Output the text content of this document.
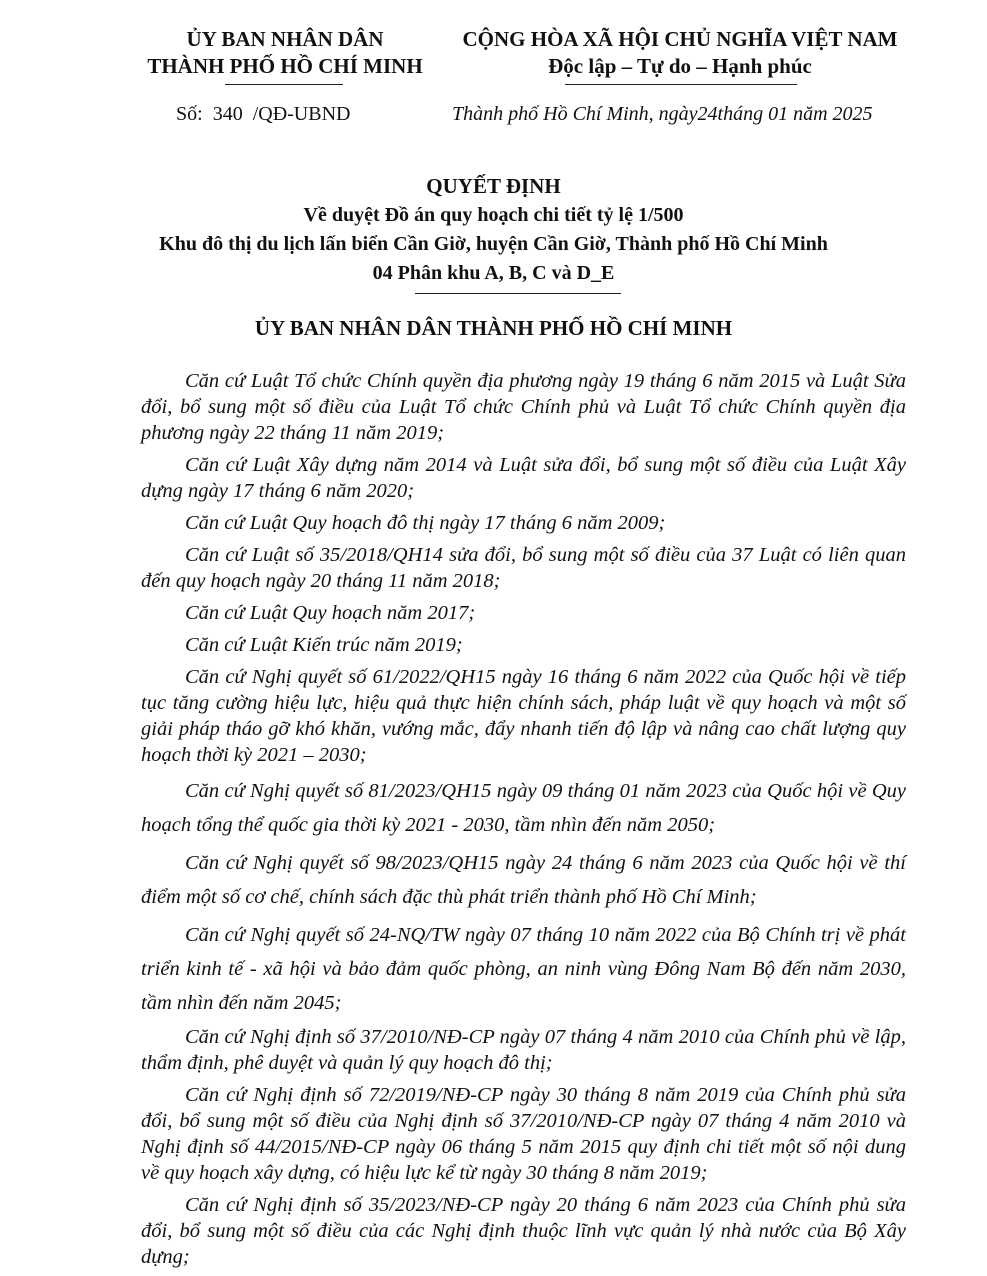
ỦY BAN NHÂN DÂN
THÀNH PHỐ HỒ CHÍ MINH
CỘNG HÒA XÃ HỘI CHỦ NGHĨA VIỆT NAM
Độc lập – Tự do – Hạnh phúc
Số: 340 /QĐ-UBND	Thành phố Hồ Chí Minh, ngày24tháng 01 năm 2025
QUYẾT ĐỊNH
Về duyệt Đồ án quy hoạch chi tiết tỷ lệ 1/500
Khu đô thị du lịch lấn biển Cần Giờ, huyện Cần Giờ, Thành phố Hồ Chí Minh
04 Phân khu A, B, C và D_E
ỦY BAN NHÂN DÂN THÀNH PHỐ HỒ CHÍ MINH

Căn cứ Luật Tổ chức Chính quyền địa phương ngày 19 tháng 6 năm 2015 và Luật Sửa đổi, bổ sung một số điều của Luật Tổ chức Chính phủ và Luật Tổ chức Chính quyền địa phương ngày 22 tháng 11 năm 2019;

Căn cứ Luật Xây dựng năm 2014 và Luật sửa đổi, bổ sung một số điều của Luật Xây dựng ngày 17 tháng 6 năm 2020;

Căn cứ Luật Quy hoạch đô thị ngày 17 tháng 6 năm 2009;

Căn cứ Luật số 35/2018/QH14 sửa đổi, bổ sung một số điều của 37 Luật có liên quan đến quy hoạch ngày 20 tháng 11 năm 2018;

Căn cứ Luật Quy hoạch năm 2017;

Căn cứ Luật Kiến trúc năm 2019;

Căn cứ Nghị quyết số 61/2022/QH15 ngày 16 tháng 6 năm 2022 của Quốc hội về tiếp tục tăng cường hiệu lực, hiệu quả thực hiện chính sách, pháp luật về quy hoạch và một số giải pháp tháo gỡ khó khăn, vướng mắc, đẩy nhanh tiến độ lập và nâng cao chất lượng quy hoạch thời kỳ 2021 – 2030;

Căn cứ Nghị quyết số 81/2023/QH15 ngày 09 tháng 01 năm 2023 của Quốc hội về Quy hoạch tổng thể quốc gia thời kỳ 2021 - 2030, tầm nhìn đến năm 2050;

Căn cứ Nghị quyết số 98/2023/QH15 ngày 24 tháng 6 năm 2023 của Quốc hội về thí điểm một số cơ chế, chính sách đặc thù phát triển thành phố Hồ Chí Minh;

Căn cứ Nghị quyết số 24-NQ/TW ngày 07 tháng 10 năm 2022 của Bộ Chính trị về phát triển kinh tế - xã hội và bảo đảm quốc phòng, an ninh vùng Đông Nam Bộ đến năm 2030, tầm nhìn đến năm 2045;

Căn cứ Nghị định số 37/2010/NĐ-CP ngày 07 tháng 4 năm 2010 của Chính phủ về lập, thẩm định, phê duyệt và quản lý quy hoạch đô thị;

Căn cứ Nghị định số 72/2019/NĐ-CP ngày 30 tháng 8 năm 2019 của Chính phủ sửa đổi, bổ sung một số điều của Nghị định số 37/2010/NĐ-CP ngày 07 tháng 4 năm 2010 và Nghị định số 44/2015/NĐ-CP ngày 06 tháng 5 năm 2015 quy định chi tiết một số nội dung về quy hoạch xây dựng, có hiệu lực kể từ ngày 30 tháng 8 năm 2019;

Căn cứ Nghị định số 35/2023/NĐ-CP ngày 20 tháng 6 năm 2023 của Chính phủ sửa đổi, bổ sung một số điều của các Nghị định thuộc lĩnh vực quản lý nhà nước của Bộ Xây dựng;
